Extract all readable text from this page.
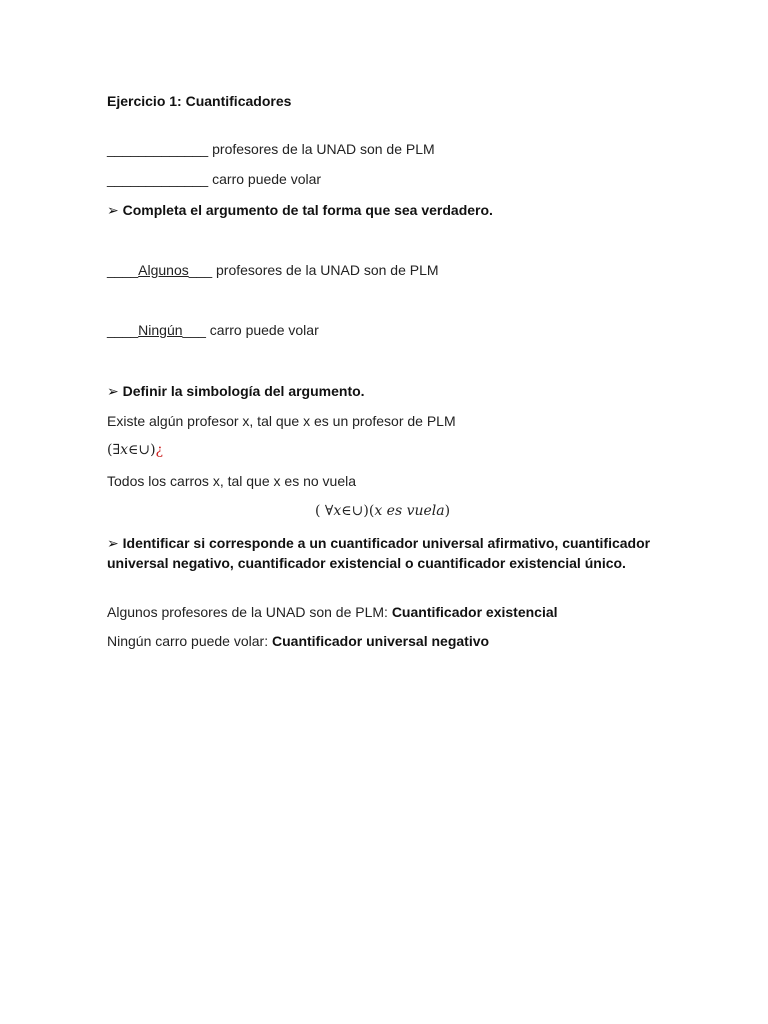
Ejercicio 1: Cuantificadores
_____________ profesores de la UNAD son de PLM
_____________ carro puede volar
➢ Completa el argumento de tal forma que sea verdadero.
____Algunos___ profesores de la UNAD son de PLM
____Ningún___ carro puede volar
➢ Definir la simbología del argumento.
Existe algún profesor x, tal que x es un profesor de PLM
(∃x∈∪)¿
Todos los carros x, tal que x es no vuela
( ∀x∈∪)(x es vuela)
➢ Identificar si corresponde a un cuantificador universal afirmativo, cuantificador universal negativo, cuantificador existencial o cuantificador existencial único.
Algunos profesores de la UNAD son de PLM: Cuantificador existencial
Ningún carro puede volar: Cuantificador universal negativo
